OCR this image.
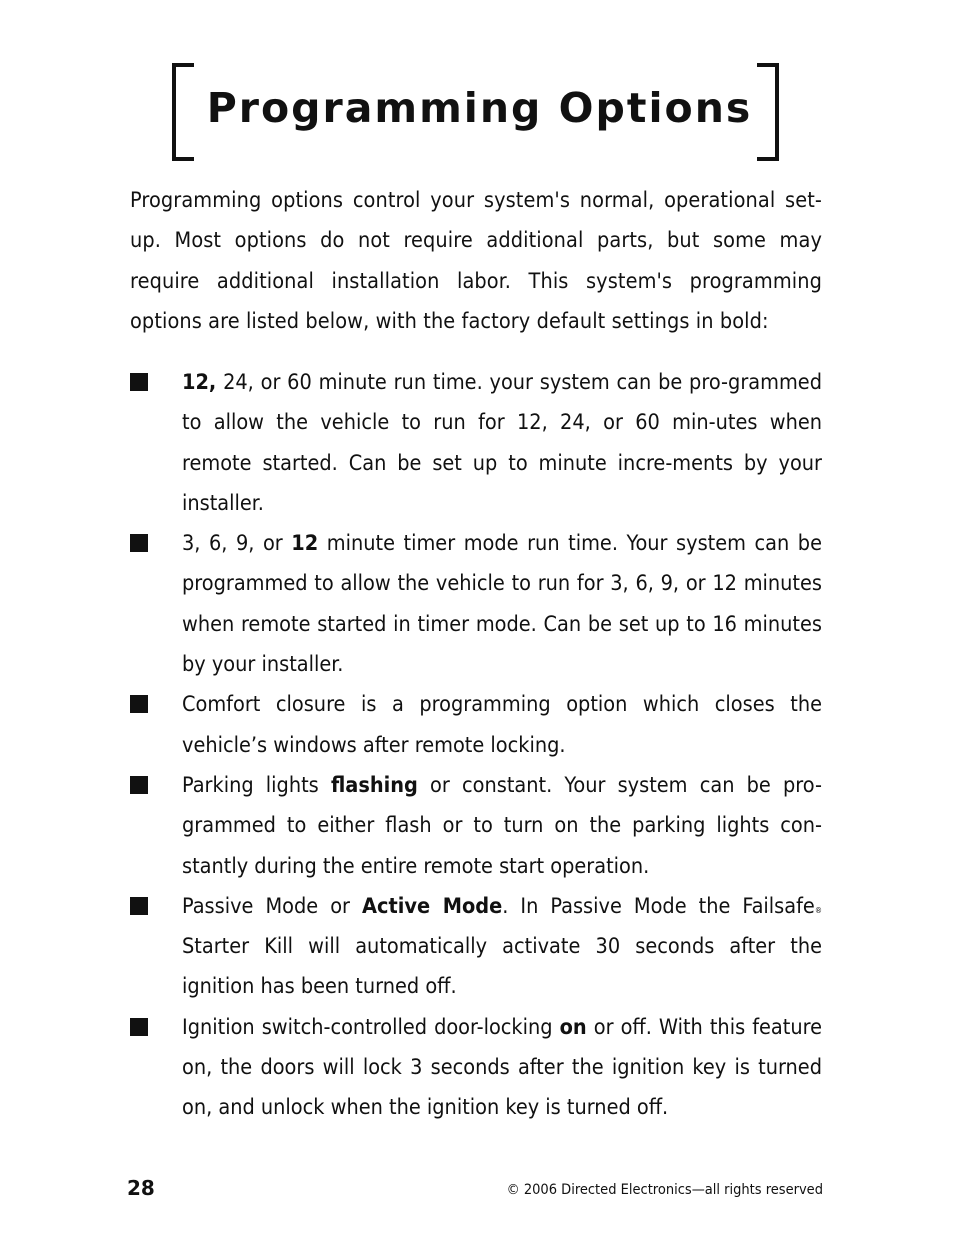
Programming Options

Programming options control your system's normal, operational set-up. Most options do not require additional parts, but some may require additional installation labor. This system's programming options are listed below, with the factory default settings in bold:

12, 24, or 60 minute run time. your system can be pro-grammed to allow the vehicle to run for 12, 24, or 60 min-utes when remote started. Can be set up to minute incre-ments by your installer.
3, 6, 9, or 12 minute timer mode run time. Your system can be programmed to allow the vehicle to run for 3, 6, 9, or 12 minutes when remote started in timer mode. Can be set up to 16 minutes by your installer.
Comfort closure is a programming option which closes the vehicle’s windows after remote locking.
Parking lights flashing or constant. Your system can be pro-grammed to either flash or to turn on the parking lights con-stantly during the entire remote start operation.
Passive Mode or Active Mode. In Passive Mode the Failsafe® Starter Kill will automatically activate 30 seconds after the ignition has been turned off.
Ignition switch-controlled door-locking on or off. With this feature on, the doors will lock 3 seconds after the ignition key is turned on, and unlock when the ignition key is turned off.
28	© 2006 Directed Electronics—all rights reserved
